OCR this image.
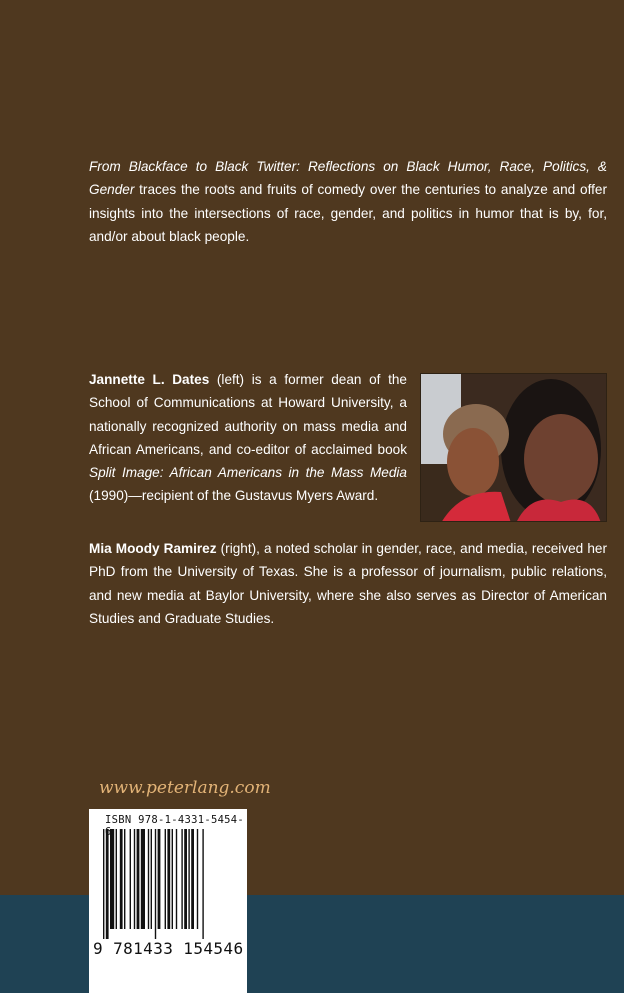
From Blackface to Black Twitter: Reflections on Black Humor, Race, Politics, & Gender traces the roots and fruits of comedy over the centuries to analyze and offer insights into the intersections of race, gender, and politics in humor that is by, for, and/or about black people.

Jannette L. Dates (left) is a former dean of the School of Communications at Howard University, a nationally recognized authority on mass media and African Americans, and co-editor of acclaimed book Split Image: African Americans in the Mass Media (1990)—recipient of the Gustavus Myers Award.

Mia Moody Ramirez (right), a noted scholar in gender, race, and media, received her PhD from the University of Texas. She is a professor of journalism, public relations, and new media at Baylor University, where she also serves as Director of American Studies and Graduate Studies.

www.peterlang.com
ISBN 978-1-4331-5454-
9 781433 154546
